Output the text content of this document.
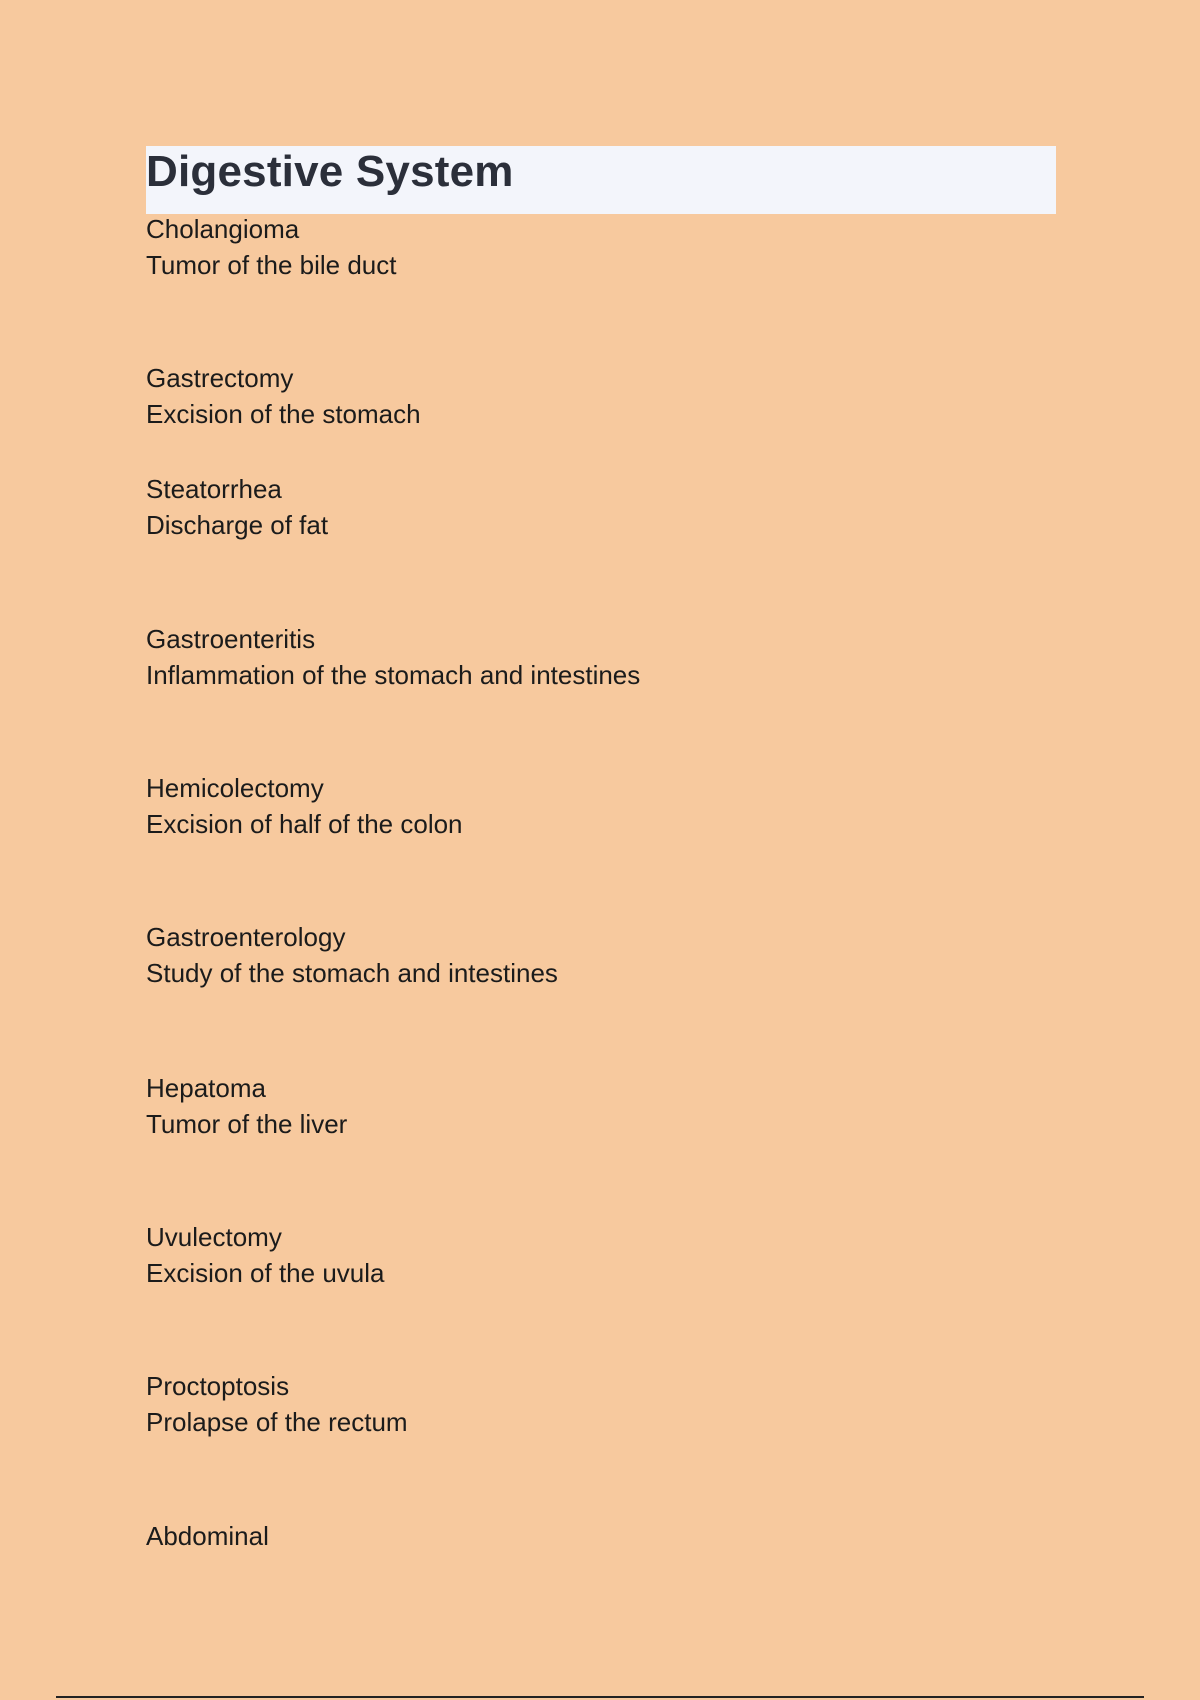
Digestive System
Cholangioma
Tumor of the bile duct
Gastrectomy
Excision of the stomach
Steatorrhea
Discharge of fat
Gastroenteritis
Inflammation of the stomach and intestines
Hemicolectomy
Excision of half of the colon
Gastroenterology
Study of the stomach and intestines
Hepatoma
Tumor of the liver
Uvulectomy
Excision of the uvula
Proctoptosis
Prolapse of the rectum
Abdominal
